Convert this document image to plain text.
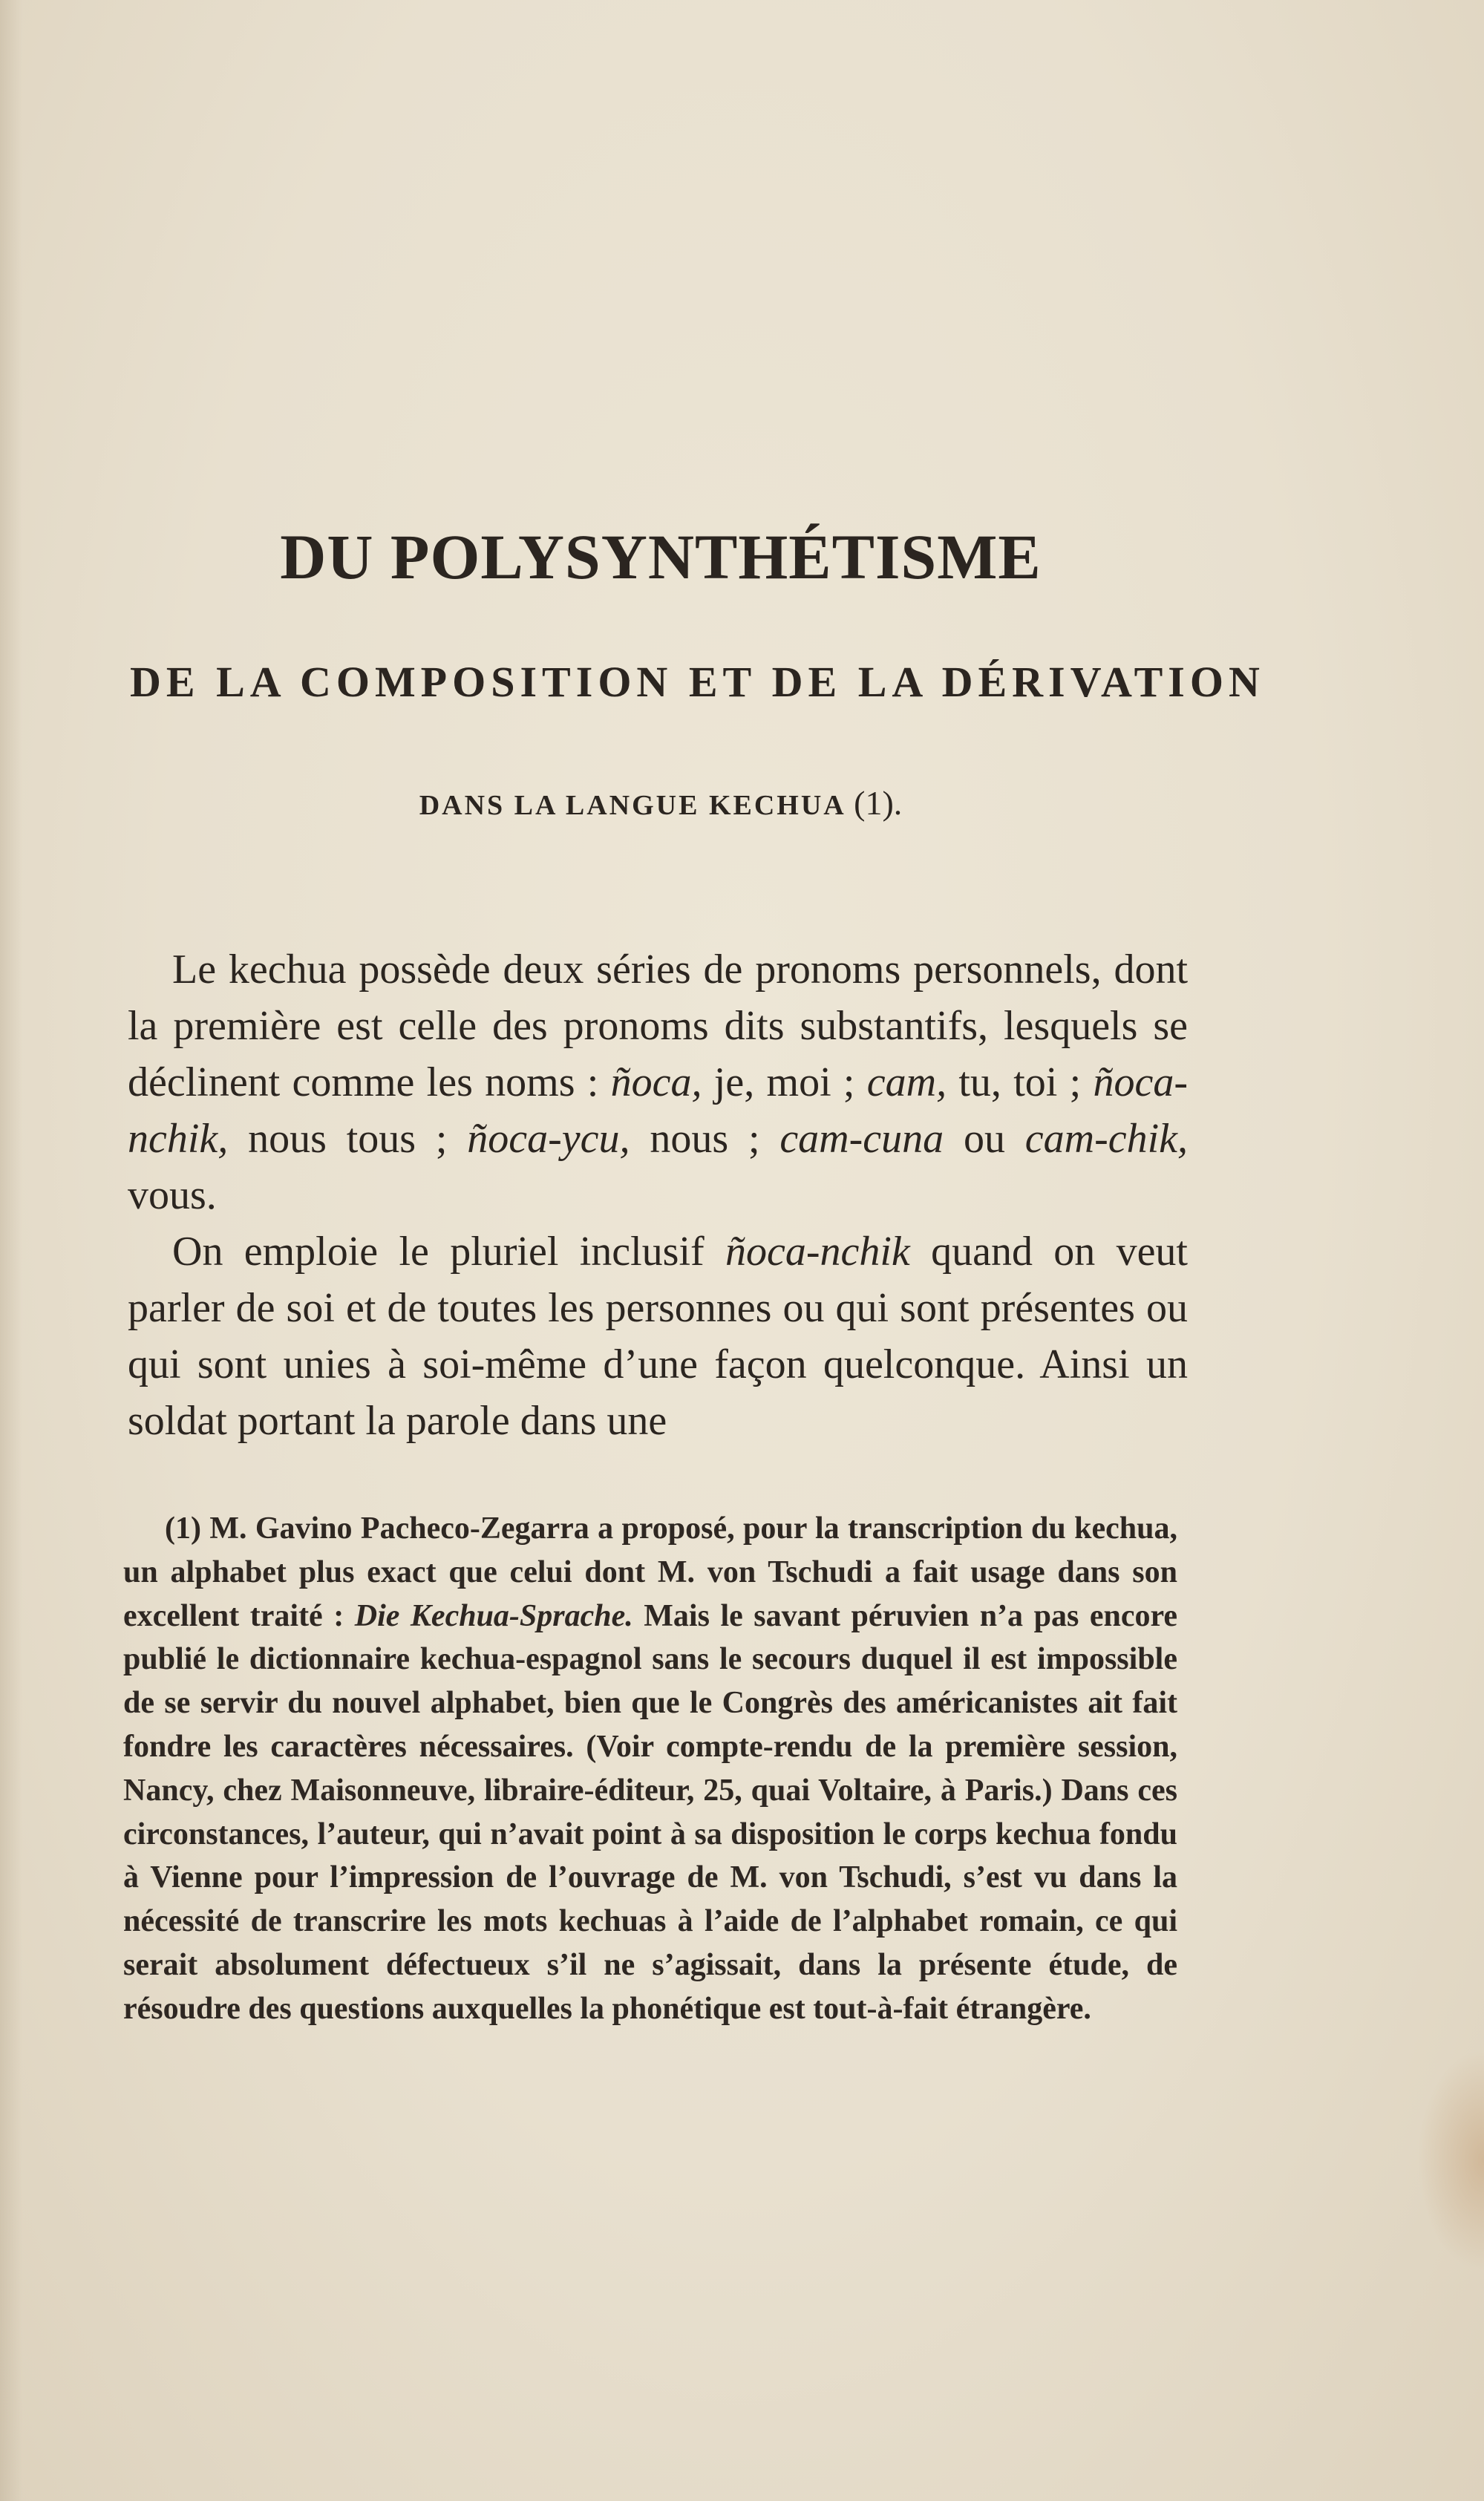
DU POLYSYNTHÉTISME
DE LA COMPOSITION ET DE LA DÉRIVATION
DANS LA LANGUE KECHUA (1).

Le kechua possède deux séries de pronoms personnels, dont la première est celle des pronoms dits substantifs, lesquels se déclinent comme les noms : ñoca, je, moi ; cam, tu, toi ; ñoca-nchik, nous tous ; ñoca-ycu, nous ; cam-cuna ou cam-chik, vous.

On emploie le pluriel inclusif ñoca-nchik quand on veut parler de soi et de toutes les personnes ou qui sont présentes ou qui sont unies à soi-même d’une façon quelconque. Ainsi un soldat portant la parole dans une

(1) M. Gavino Pacheco-Zegarra a proposé, pour la transcription du kechua, un alphabet plus exact que celui dont M. von Tschudi a fait usage dans son excellent traité : Die Kechua-Sprache. Mais le savant péruvien n’a pas encore publié le dictionnaire kechua-espagnol sans le secours duquel il est impossible de se servir du nouvel alphabet, bien que le Congrès des américanistes ait fait fondre les caractères nécessaires. (Voir compte-rendu de la première session, Nancy, chez Maisonneuve, libraire-éditeur, 25, quai Voltaire, à Paris.) Dans ces circonstances, l’auteur, qui n’avait point à sa disposition le corps kechua fondu à Vienne pour l’impression de l’ouvrage de M. von Tschudi, s’est vu dans la nécessité de transcrire les mots kechuas à l’aide de l’alphabet romain, ce qui serait absolument défectueux s’il ne s’agissait, dans la présente étude, de résoudre des questions auxquelles la phonétique est tout-à-fait étrangère.
